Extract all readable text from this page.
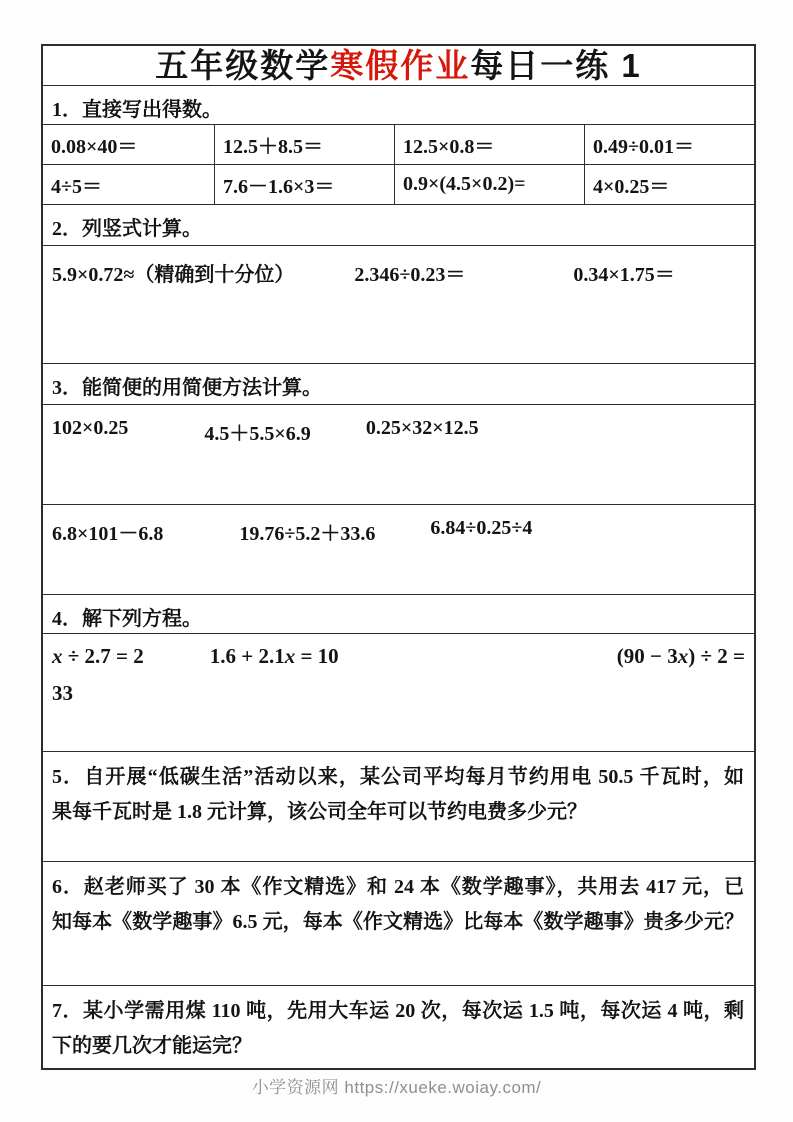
五年级数学 寒假作业 每日一练 1
1．直接写出得数。
0.08×40＝	12.5＋8.5＝	12.5×0.8＝	0.49÷0.01＝
4÷5＝	7.6－1.6×3＝	0.9×(4.5×0.2)=	4×0.25＝
2．列竖式计算。
5.9×0.72≈（精确到十分位）	2.346÷0.23＝	0.34×1.75＝
3．能简便的用简便方法计算。
102×0.25	4.5＋5.5×6.9	0.25×32×12.5
6.8×101－6.8	19.76÷5.2＋33.6	6.84÷0.25÷4
4．解下列方程。
x ÷ 2.7 = 2	1.6 + 2.1x = 10	(90 − 3x) ÷ 2 =
33
5．自开展“低碳生活”活动以来，某公司平均每月节约用电 50.5 千瓦时，如
果每千瓦时是 1.8 元计算，该公司全年可以节约电费多少元？
6．赵老师买了 30 本《作文精选》和 24 本《数学趣事》，共用去 417 元，已
知每本《数学趣事》6.5 元，每本《作文精选》比每本《数学趣事》贵多少元？
7．某小学需用煤 110 吨，先用大车运 20 次，每次运 1.5 吨，每次运 4 吨，剩
下的要几次才能运完？
小学资源网 https://xueke.woiay.com/
